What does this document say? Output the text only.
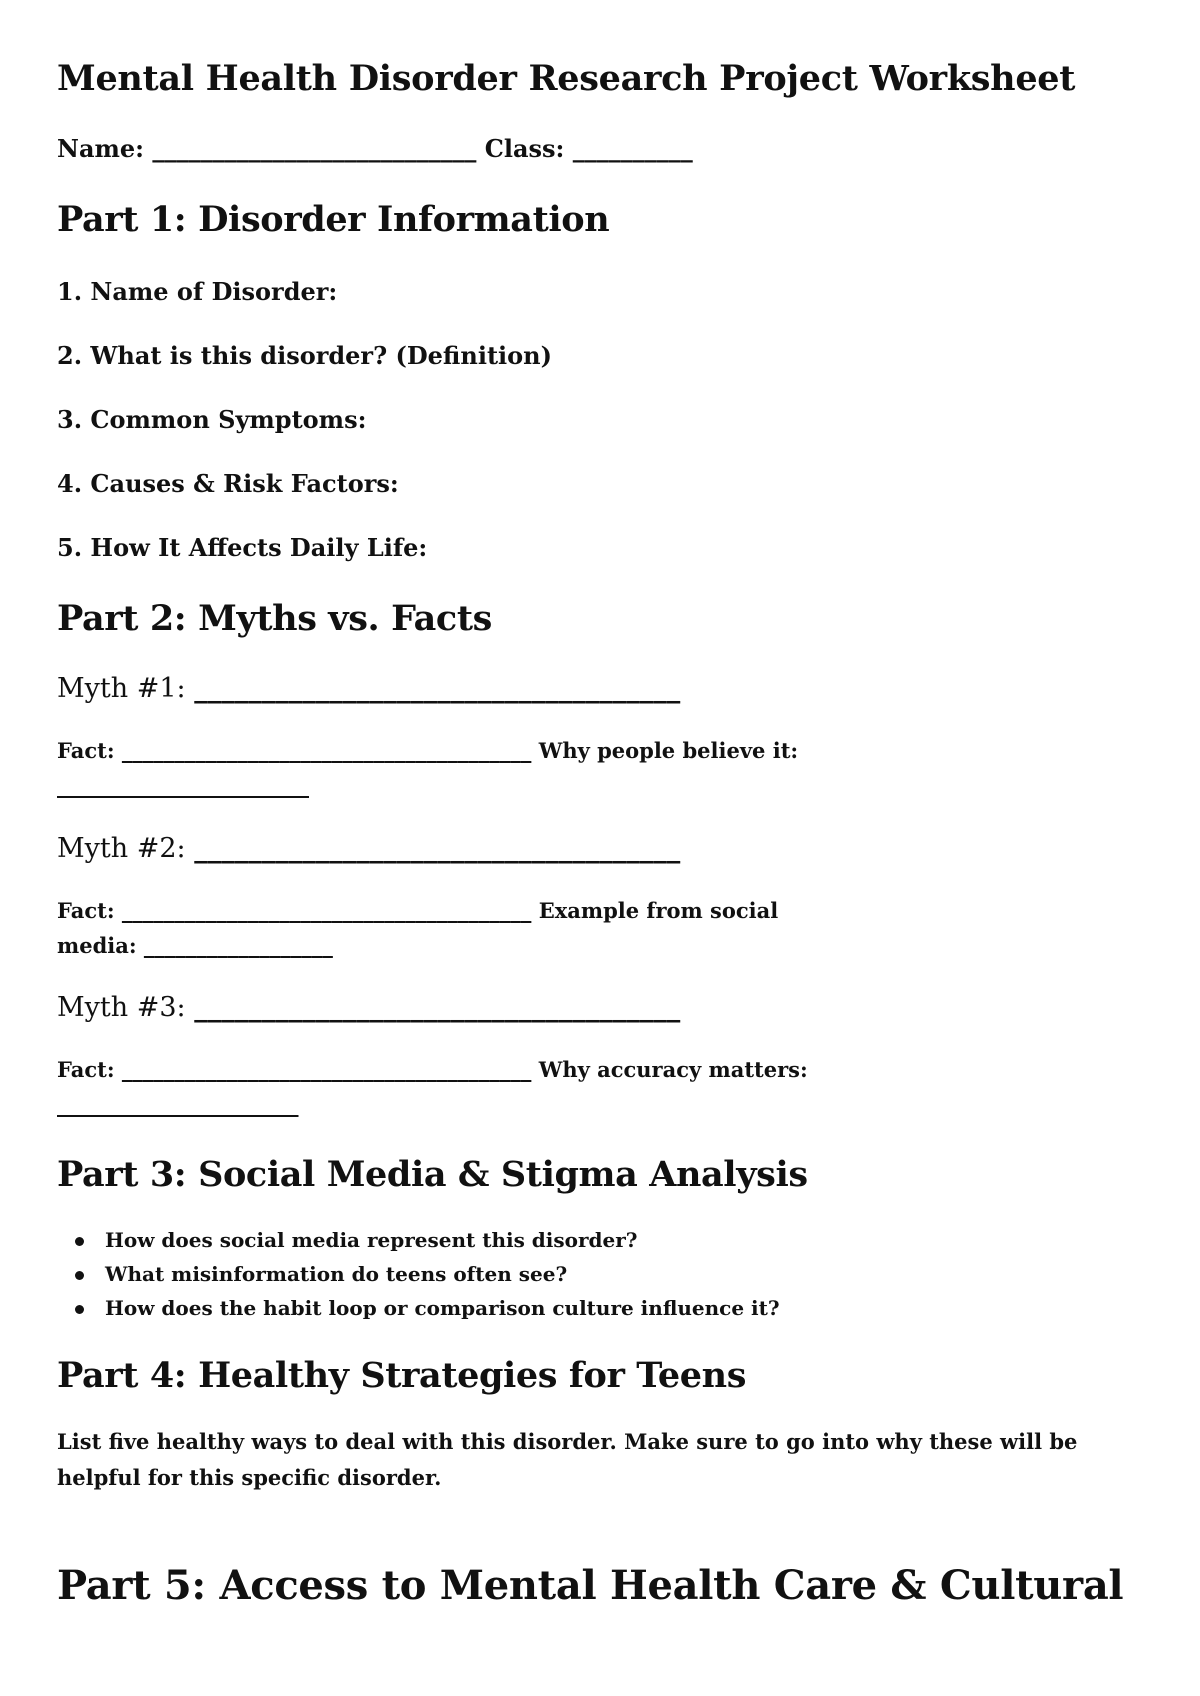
Mental Health Disorder Research Project Worksheet
Name: ___________________________ Class: __________
Part 1: Disorder Information
1. Name of Disorder:
2. What is this disorder? (Definition)
3. Common Symptoms:
4. Causes & Risk Factors:
5. How It Affects Daily Life:
Part 2: Myths vs. Facts
Myth #1: ____________________________________
Fact: _______________________________________ Why people believe it:
________________________
Myth #2: ____________________________________
Fact: _______________________________________ Example from social
media: __________________
Myth #3: ____________________________________
Fact: _______________________________________ Why accuracy matters:
_______________________
Part 3: Social Media & Stigma Analysis
How does social media represent this disorder?
What misinformation do teens often see?
How does the habit loop or comparison culture influence it?
Part 4: Healthy Strategies for Teens
List five healthy ways to deal with this disorder. Make sure to go into why these will be helpful for this specific disorder.
Part 5: Access to Mental Health Care & Cultural
